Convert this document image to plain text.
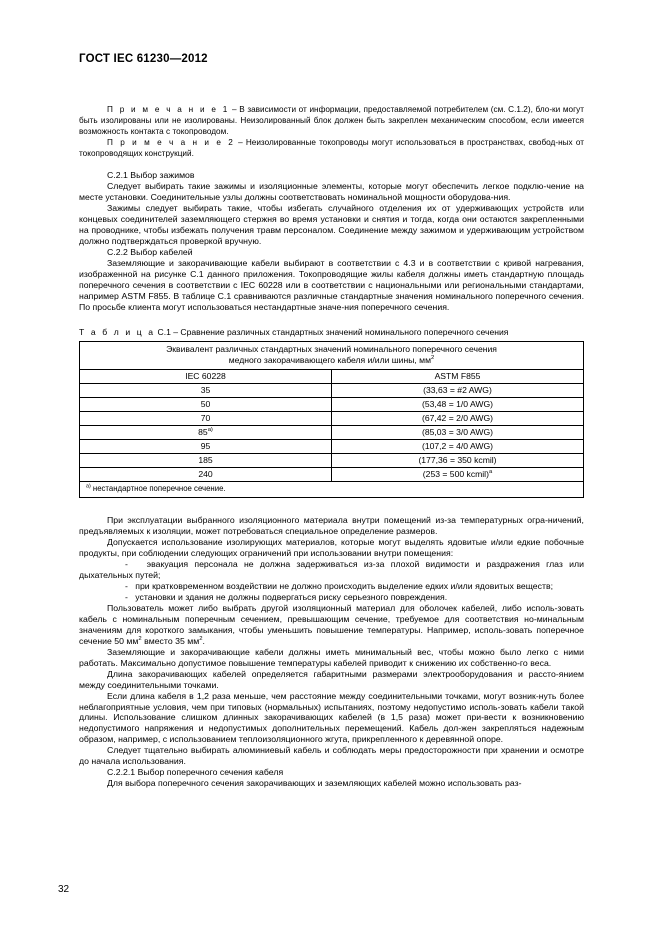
ГОСТ IEC 61230—2012

П р и м е ч а н и е 1 – В зависимости от информации, предоставляемой потребителем (см. С.1.2), бло-ки могут быть изолированы или не изолированы. Неизолированный блок должен быть закреплен механическим способом, если имеется возможность контакта с токопроводом.

П р и м е ч а н и е 2 – Неизолированные токопроводы могут использоваться в пространствах, свобод-ных от токопроводящих конструкций.

С.2.1 Выбор зажимов

Следует выбирать такие зажимы и изоляционные элементы, которые могут обеспечить легкое подклю-чение на месте установки. Соединительные узлы должны соответствовать номинальной мощности оборудова-ния.

Зажимы следует выбирать такие, чтобы избегать случайного отделения их от удерживающих устройств или концевых соединителей заземляющего стержня во время установки и снятия и тогда, когда они остаются закрепленными на проводнике, чтобы избежать получения травм персоналом. Соединение между зажимом и удерживающим устройством должно подтверждаться проверкой вручную.

С.2.2 Выбор кабелей

Заземляющие и закорачивающие кабели выбирают в соответствии с 4.3 и в соответствии с кривой нагревания, изображенной на рисунке С.1 данного приложения. Токопроводящие жилы кабеля должны иметь стандартную площадь поперечного сечения в соответствии с IEC 60228 или в соответствии с национальными или региональными стандартами, например ASTM F855. В таблице С.1 сравниваются различные стандартные значения номинального поперечного сечения. По просьбе клиента могут использоваться нестандартные значе-ния поперечного сечения.

Т а б л и ц а С.1 – Сравнение различных стандартных значений номинального поперечного сечения
Эквивалент различных стандартных значений номинального поперечного сечения
медного закорачивающего кабеля и/или шины, $мм^2$
IEC 60228	ASTM F855
35	(33,63 = #2 AWG)
50	(53,48 = 1/0 AWG)
70	(67,42 = 2/0 AWG)
$85^{а)}$	(85,03 = 3/0 AWG)
95	(107,2 = 4/0 AWG)
185	(177,36 = 350 kcmil)
240	(253 = 500 kcmil)$^а$
$^{а)}$ нестандартное поперечное сечение.	

При эксплуатации выбранного изоляционного материала внутри помещений из-за температурных огра-ничений, предъявляемых к изоляции, может потребоваться специальное определение размеров.

Допускается использование изолирующих материалов, которые могут выделять ядовитые и/или едкие побочные продукты, при соблюдении следующих ограничений при использовании внутри помещения:

-   эвакуация персонала не должна задерживаться из-за плохой видимости и раздражения глаз или дыхательных путей;

-   при кратковременном воздействии не должно происходить выделение едких и/или ядовитых веществ;

-   установки и здания не должны подвергаться риску серьезного повреждения.

Пользователь может либо выбрать другой изоляционный материал для оболочек кабелей, либо исполь-зовать кабель с номинальным поперечным сечением, превышающим сечение, требуемое для соответствия но-минальным значениям для короткого замыкания, чтобы уменьшить повышение температуры. Например, исполь-зовать поперечное сечение 50 $мм^2$ вместо 35 $мм^2$.

Заземляющие и закорачивающие кабели должны иметь минимальный вес, чтобы можно было легко с ними работать. Максимально допустимое повышение температуры кабелей приводит к снижению их собственно-го веса.

Длина закорачивающих кабелей определяется габаритными размерами электрооборудования и рассто-янием между соединительными точками.

Если длина кабеля в 1,2 раза меньше, чем расстояние между соединительными точками, могут возник-нуть более неблагоприятные условия, чем при типовых (нормальных) испытаниях, поэтому недопустимо исполь-зовать кабели такой длины. Использование слишком длинных закорачивающих кабелей (в 1,5 раза) может при-вести к возникновению недопустимого напряжения и недопустимых дополнительных перемещений. Кабель дол-жен закрепляться надежным образом, например, с использованием теплоизоляционного жгута, прикрепленного к деревянной опоре.

Следует тщательно выбирать алюминиевый кабель и соблюдать меры предосторожности при хранении и осмотре до начала использования.

С.2.2.1 Выбор поперечного сечения кабеля

Для выбора поперечного сечения закорачивающих и заземляющих кабелей можно использовать раз-

32
